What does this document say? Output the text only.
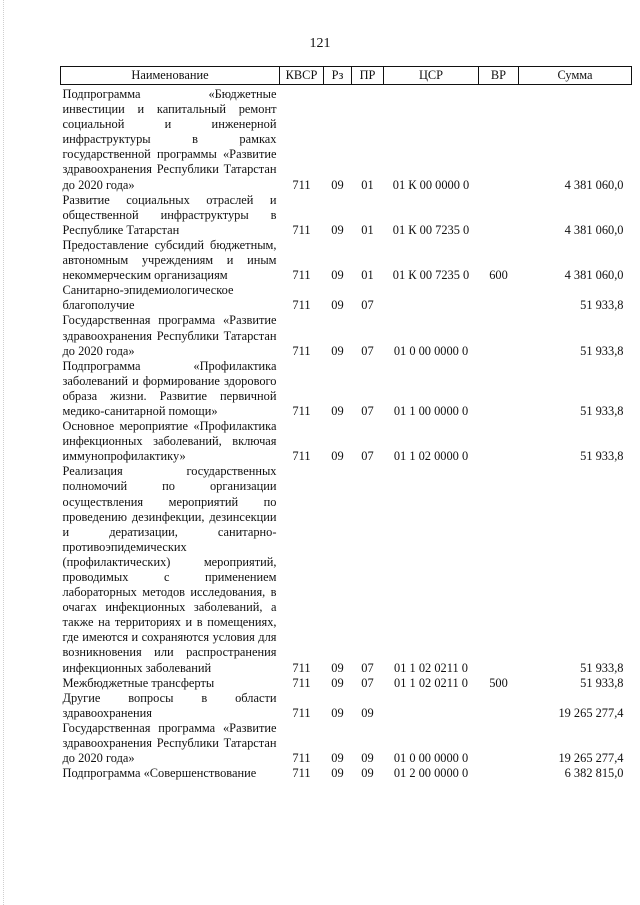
121
Наименование	КВСР	Рз	ПР	ЦСР	ВР	Сумма
Подпрограмма «Бюджетные инвестиции и капитальный ремонт социальной и инженерной инфраструктуры в рамках государственной программы «Развитие здравоохранения Республики Татарстан до 2020 года»	711	09	01	01 К 00 0000 0		4 381 060,0
Развитие социальных отраслей и общественной инфраструктуры в Республике Татарстан	711	09	01	01 К 00 7235 0		4 381 060,0
Предоставление субсидий бюджетным, автономным учреждениям и иным некоммерческим организациям	711	09	01	01 К 00 7235 0	600	4 381 060,0
Санитарно-эпидемиологическое благополучие	711	09	07			51 933,8
Государственная программа «Развитие здравоохранения Республики Татарстан до 2020 года»	711	09	07	01 0 00 0000 0		51 933,8
Подпрограмма «Профилактика заболеваний и формирование здорового образа жизни. Развитие первичной медико-санитарной помощи»	711	09	07	01 1 00 0000 0		51 933,8
Основное мероприятие «Профилактика инфекционных заболеваний, включая иммунопрофилактику»	711	09	07	01 1 02 0000 0		51 933,8
Реализация государственных полномочий по организации осуществления мероприятий по проведению дезинфекции, дезинсекции и дератизации, санитарно-противоэпидемических (профилактических) мероприятий, проводимых с применением лабораторных методов исследования, в очагах инфекционных заболеваний, а также на территориях и в помещениях, где имеются и сохраняются условия для возникновения или распространения инфекционных заболеваний	711	09	07	01 1 02 0211 0		51 933,8
Межбюджетные трансферты	711	09	07	01 1 02 0211 0	500	51 933,8
Другие вопросы в области здравоохранения	711	09	09			19 265 277,4
Государственная программа «Развитие здравоохранения Республики Татарстан до 2020 года»	711	09	09	01 0 00 0000 0		19 265 277,4
Подпрограмма «Совершенствование	711	09	09	01 2 00 0000 0		6 382 815,0
